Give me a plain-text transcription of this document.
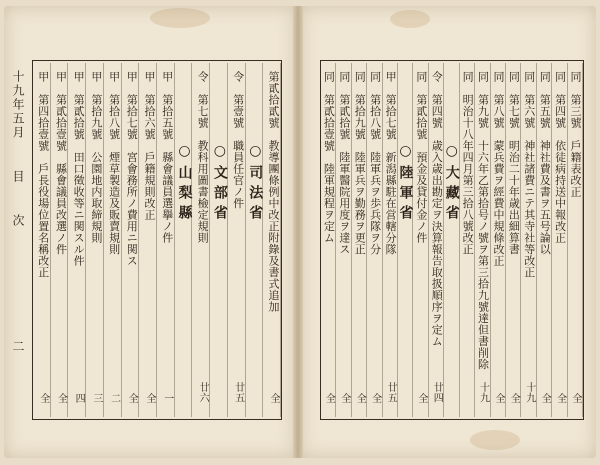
十九年五月
目　次
二
第貳拾貳號　教導團條例中改正附錄及書式追加
全
○司法省
令　第壹號　職員任官ノ件
廿五
○文部省
令　第七號　教科用圖書檢定規則
廿六
○山梨縣
甲　第拾五號　縣會議員選擧ノ件
一
甲　第拾六號　戶籍規則改正
全
甲　第拾七號　宮會務所ノ費用ニ関ス
全
甲　第拾八號　煙草製造及販賣規則
二
甲　第拾九號　公園地内取締規則
三
甲　第貳拾號　田口徵收等ニ関スル件
四
甲　第貳拾壹號　縣會議員改選ノ件
全
甲　第四拾壹號　戶長役場位置名稱改正
全
同　第三號　戶籍表改正
全
同　第四號　依徒病持送中報改正
全
同　第五號　神社費及書ヲ五号論以
全
同　第六號　神社諸費ニテ其寺社等改正
十九
同　第七號　明治二十年歳出細算書
全
同　第八號　蒙兵費ヲ經費中規條改正
全
同　第九號　十六年乙第拾号ノ號ヲ第三拾九號達但書削除
十九
同　明治十八年四月第三拾八號改正
○大藏省
令　第四號　歳入歳出勘定ヲ決算報告取扱順序ヲ定ム
廿四
同　第貳拾號　預金及貸付金ノ件
全
○陸軍省
甲　第拾七號　新潟縣駐在営轄分隊
廿五
同　第拾八號　陸軍兵ヲ歩兵隊ヲ分
全
同　第拾九號　陸軍兵ヲ勤務ヲ更正
全
同　第貳拾號　陸軍醫院用度ヲ達ス
全
同　第貳拾壹號　陸軍規程ヲ定ム
全
